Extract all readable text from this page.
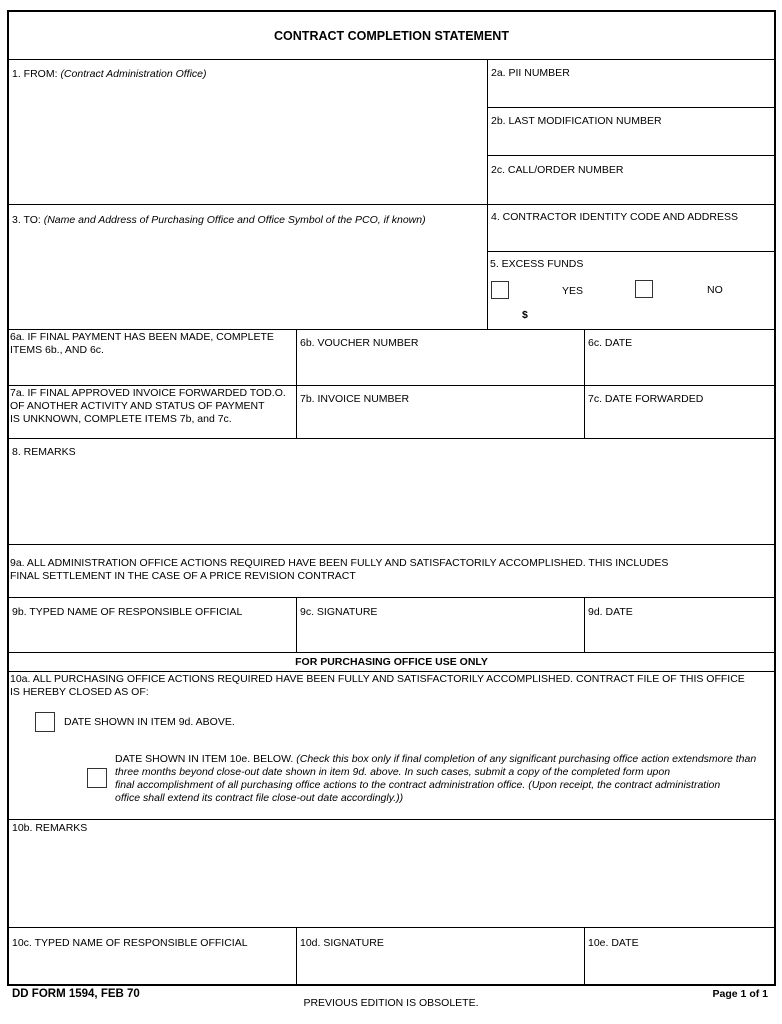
CONTRACT COMPLETION STATEMENT
1. FROM: (Contract Administration Office)	2a. PII NUMBER
2b. LAST MODIFICATION NUMBER
2c. CALL/ORDER NUMBER
3. TO: (Name and Address of Purchasing Office and Office Symbol of the PCO, if known)	4. CONTRACTOR IDENTITY CODE AND ADDRESS
5. EXCESS FUNDS
YES	NO
$
6a. IF FINAL PAYMENT HAS BEEN MADE, COMPLETE
ITEMS 6b., AND 6c.
6b. VOUCHER NUMBER	6c. DATE
7a. IF FINAL APPROVED INVOICE FORWARDED TOD.O.
OF ANOTHER ACTIVITY AND STATUS OF PAYMENT
IS UNKNOWN, COMPLETE ITEMS 7b, and 7c.
7b. INVOICE NUMBER	7c. DATE FORWARDED
8. REMARKS
9a. ALL ADMINISTRATION OFFICE ACTIONS REQUIRED HAVE BEEN FULLY AND SATISFACTORILY ACCOMPLISHED. THIS INCLUDES
FINAL SETTLEMENT IN THE CASE OF A PRICE REVISION CONTRACT
9b. TYPED NAME OF RESPONSIBLE OFFICIAL	9c. SIGNATURE	9d. DATE
FOR PURCHASING OFFICE USE ONLY
10a. ALL PURCHASING OFFICE ACTIONS REQUIRED HAVE BEEN FULLY AND SATISFACTORILY ACCOMPLISHED. CONTRACT FILE OF THIS OFFICE
IS HEREBY CLOSED AS OF:
DATE SHOWN IN ITEM 9d. ABOVE.
DATE SHOWN IN ITEM 10e. BELOW. (Check this box only if final completion of any significant purchasing office action extendsmore than
three months beyond close-out date shown in item 9d. above. In such cases, submit a copy of the completed form upon
final accomplishment of all purchasing office actions to the contract administration office. (Upon receipt, the contract administration
office shall extend its contract file close-out date accordingly.))
10b. REMARKS
10c. TYPED NAME OF RESPONSIBLE OFFICIAL	10d. SIGNATURE	10e. DATE
DD FORM 1594, FEB 70
PREVIOUS EDITION IS OBSOLETE.
Page 1 of 1
